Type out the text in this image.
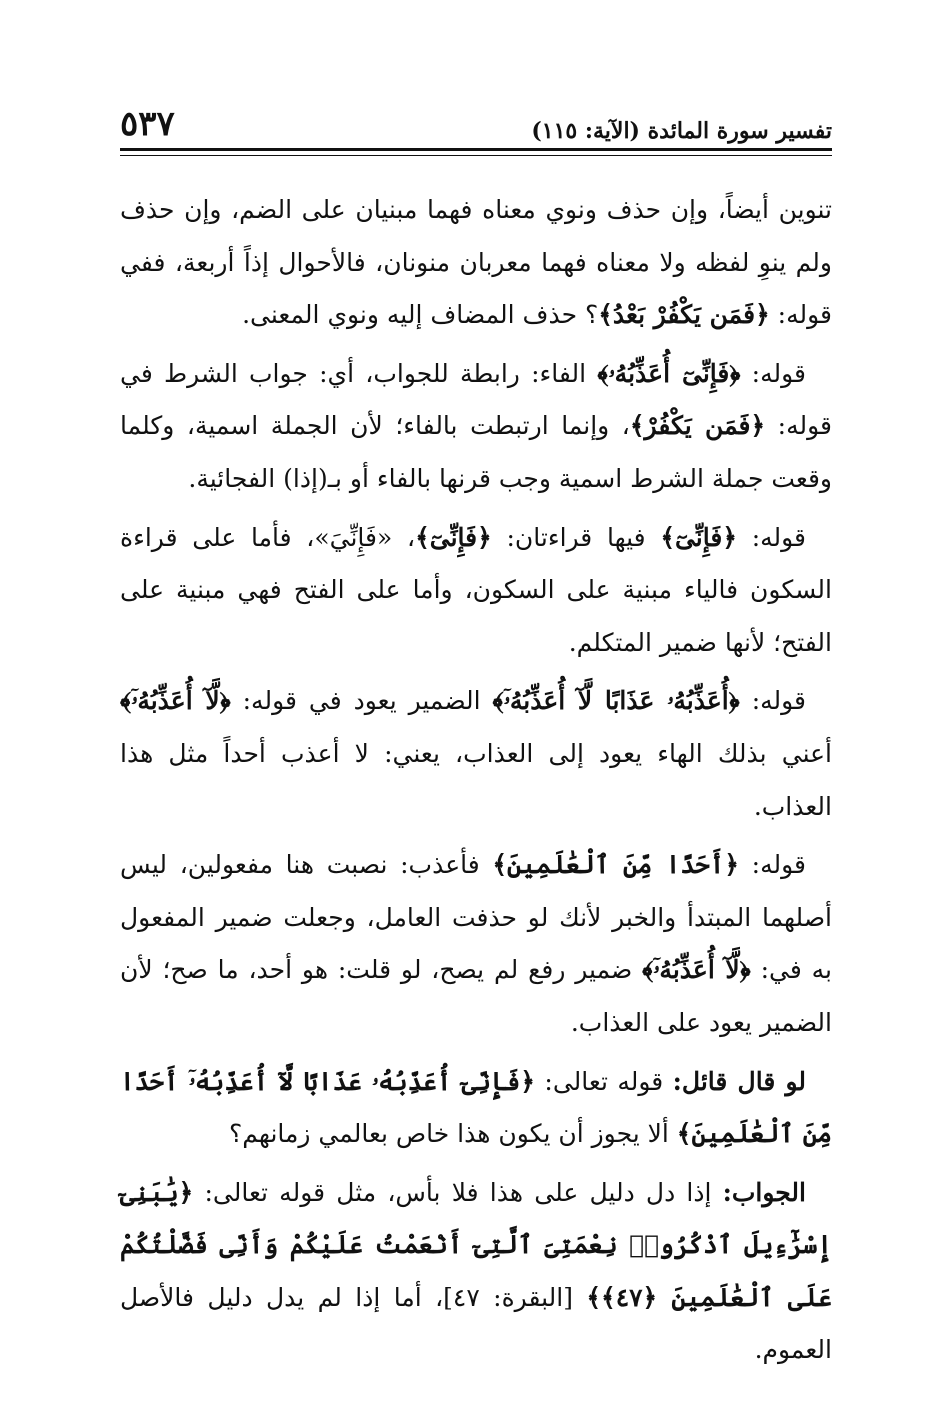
تفسير سورة المائدة (الآية: ١١٥)
٥٣٧

تنوين أيضاً، وإن حذف ونوي معناه فهما مبنيان على الضم، وإن حذف ولم ينوِ لفظه ولا معناه فهما معربان منونان، فالأحوال إذاً أربعة، ففي قوله: ﴿فَمَن يَكْفُرْ بَعْدُ﴾؟ حذف المضاف إليه ونوي المعنى.

قوله: ﴿فَإِنِّىٓ أُعَذِّبُهُۥ﴾ الفاء: رابطة للجواب، أي: جواب الشرط في قوله: ﴿فَمَن يَكْفُرْ﴾، وإنما ارتبطت بالفاء؛ لأن الجملة اسمية، وكلما وقعت جملة الشرط اسمية وجب قرنها بالفاء أو بـ(إذا) الفجائية.

قوله: ﴿فَإِنِّىٓ﴾ فيها قراءتان: ﴿فَإِنِّىٓ﴾، «فَإِنِّيَ»، فأما على قراءة السكون فالياء مبنية على السكون، وأما على الفتح فهي مبنية على الفتح؛ لأنها ضمير المتكلم.

قوله: ﴿أُعَذِّبُهُۥ عَذَابًا لَّآ أُعَذِّبُهُۥٓ﴾ الضمير يعود في قوله: ﴿لَّآ أُعَذِّبُهُۥٓ﴾ أعني بذلك الهاء يعود إلى العذاب، يعني: لا أعذب أحداً مثل هذا العذاب.

قوله: ﴿أَحَدًا مِّنَ ٱلْعَٰلَمِينَ﴾ فأعذب: نصبت هنا مفعولين، ليس أصلهما المبتدأ والخبر لأنك لو حذفت العامل، وجعلت ضمير المفعول به في: ﴿لَّآ أُعَذِّبُهُۥٓ﴾ ضمير رفع لم يصح، لو قلت: هو أحد، ما صح؛ لأن الضمير يعود على العذاب.

لو قال قائل: قوله تعالى: ﴿فَإِنِّىٓ أُعَذِّبُهُۥ عَذَابًا لَّآ أُعَذِّبُهُۥٓ أَحَدًا مِّنَ ٱلْعَٰلَمِينَ﴾ ألا يجوز أن يكون هذا خاص بعالمي زمانهم؟

الجواب: إذا دل دليل على هذا فلا بأس، مثل قوله تعالى: ﴿يَٰبَنِىٓ إِسْرَٰٓءِيلَ ٱذْكُرُوا۟ نِعْمَتِىَ ٱلَّتِىٓ أَنْعَمْتُ عَلَيْكُمْ وَأَنِّى فَضَّلْتُكُمْ عَلَى ٱلْعَٰلَمِينَ ﴿٤٧﴾﴾ [البقرة: ٤٧]، أما إذا لم يدل دليل فالأصل العموم.
